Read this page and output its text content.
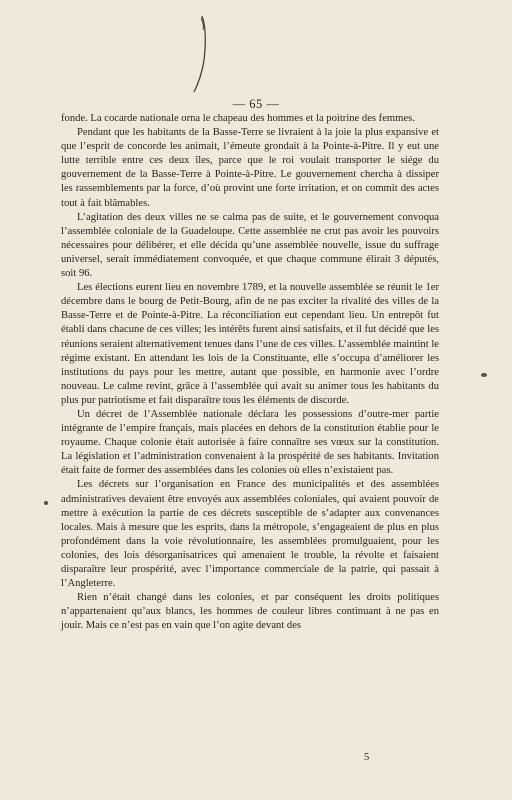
— 65 —

fonde. La cocarde nationale orna le chapeau des hommes et la poitrine des femmes.

Pendant que les habitants de la Basse-Terre se livraient à la joie la plus expansive et que l’esprit de concorde les animait, l’émeute grondait à la Pointe-à-Pitre. Il y eut une lutte terrible entre ces deux îles, parce que le roi voulait transporter le siége du gouvernement de la Basse-Terre à Pointe-à-Pitre. Le gouvernement chercha à dissiper les rassemblements par la force, d’où provint une forte irritation, et on commit des actes tout à fait blâmables.

L’agitation des deux villes ne se calma pas de suite, et le gouvernement convoqua l’assemblée coloniale de la Guadeloupe. Cette assemblée ne crut pas avoir les pouvoirs nécessaires pour délibérer, et elle décida qu’une assemblée nouvelle, issue du suffrage universel, serait immédiatement convoquée, et que chaque commune élirait 3 députés, soit 96.

Les élections eurent lieu en novembre 1789, et la nouvelle assemblée se réunit le 1er décembre dans le bourg de Petit-Bourg, afin de ne pas exciter la rivalité des villes de la Basse-Terre et de Pointe-à-Pitre. La réconciliation eut cependant lieu. Un entrepôt fut établi dans chacune de ces villes; les intérêts furent ainsi satisfaits, et il fut décidé que les réunions seraient alternativement tenues dans l’une de ces villes. L’assemblée maintint le régime existant. En attendant les lois de la Constituante, elle s’occupa d’améliorer les institutions du pays pour les mettre, autant que possible, en harmonie avec l’ordre nouveau. Le calme revint, grâce à l’assemblée qui avait su animer tous les habitants du plus pur patriotisme et fait disparaître tous les éléments de discorde.

Un décret de l’Assemblée nationale déclara les possessions d’outre-mer partie intégrante de l’empire français, mais placées en dehors de la constitution établie pour le royaume. Chaque colonie était autorisée à faire connaître ses vœux sur la constitution. La législation et l’administration convenaient à la prospérité de ses habitants. Invitation était faite de former des assemblées dans les colonies où elles n’existaient pas.

Les décrets sur l’organisation en France des municipalités et des assemblées administratives devaient être envoyés aux assemblées coloniales, qui avaient pouvoir de mettre à exécution la partie de ces décrets susceptible de s’adapter aux convenances locales. Mais à mesure que les esprits, dans la métropole, s’engageaient de plus en plus profondément dans la voie révolutionnaire, les assemblées promulguaient, pour les colonies, des lois désorganisatrices qui amenaient le trouble, la révolte et faisaient disparaître leur prospérité, avec l’importance commerciale de la patrie, qui passait à l’Angleterre.

Rien n’était changé dans les colonies, et par conséquent les droits politiques n’appartenaient qu’aux blancs, les hommes de couleur libres continuant à ne pas en jouir. Mais ce n’est pas en vain que l’on agite devant des

5
